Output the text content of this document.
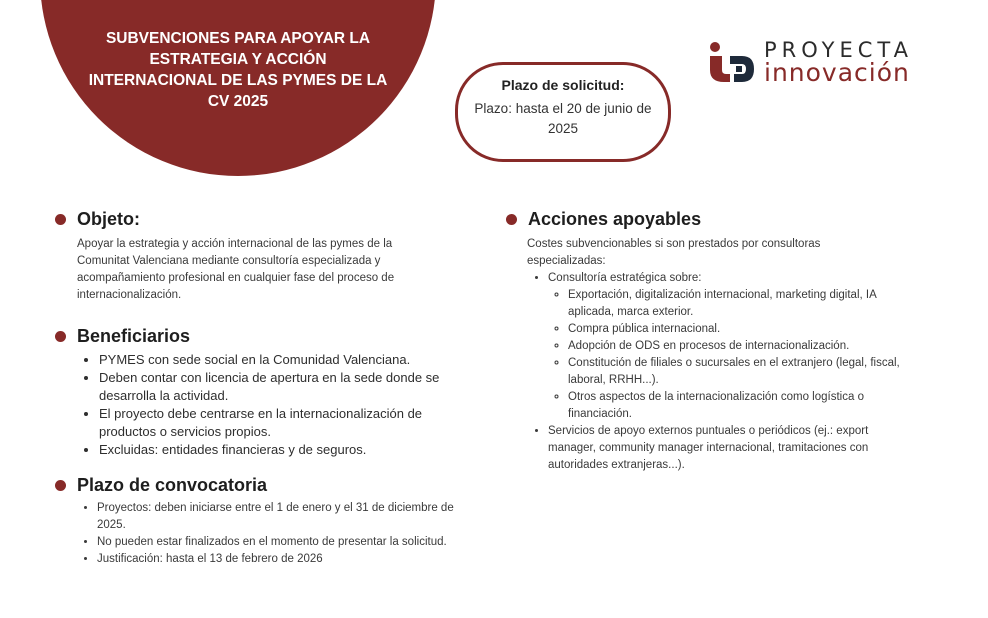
SUBVENCIONES PARA APOYAR LA ESTRATEGIA Y ACCIÓN INTERNACIONAL DE LAS PYMES DE LA CV 2025
Plazo de solicitud:
Plazo: hasta el 20 de junio de 2025
PROYECTA
innovación
Objeto:

Apoyar la estrategia y acción internacional de las pymes de la Comunitat Valenciana mediante consultoría especializada y acompañamiento profesional en cualquier fase del proceso de internacionalización.

Beneficiarios
• PYMES con sede social en la Comunidad Valenciana.
• Deben contar con licencia de apertura en la sede donde se desarrolla la actividad.
• El proyecto debe centrarse en la internacionalización de productos o servicios propios.
• Excluidas: entidades financieras y de seguros.
Plazo de convocatoria
• Proyectos: deben iniciarse entre el 1 de enero y el 31 de diciembre de 2025.
• No pueden estar finalizados en el momento de presentar la solicitud.
• Justificación: hasta el 13 de febrero de 2026
Acciones apoyables

Costes subvencionables si son prestados por consultoras especializadas:

• Consultoría estratégica sobre:
◦ Exportación, digitalización internacional, marketing digital, IA aplicada, marca exterior.
◦ Compra pública internacional.
◦ Adopción de ODS en procesos de internacionalización.
◦ Constitución de filiales o sucursales en el extranjero (legal, fiscal, laboral, RRHH...).
◦ Otros aspectos de la internacionalización como logística o financiación.
• Servicios de apoyo externos puntuales o periódicos (ej.: export manager, community manager internacional, tramitaciones con autoridades extranjeras...).
